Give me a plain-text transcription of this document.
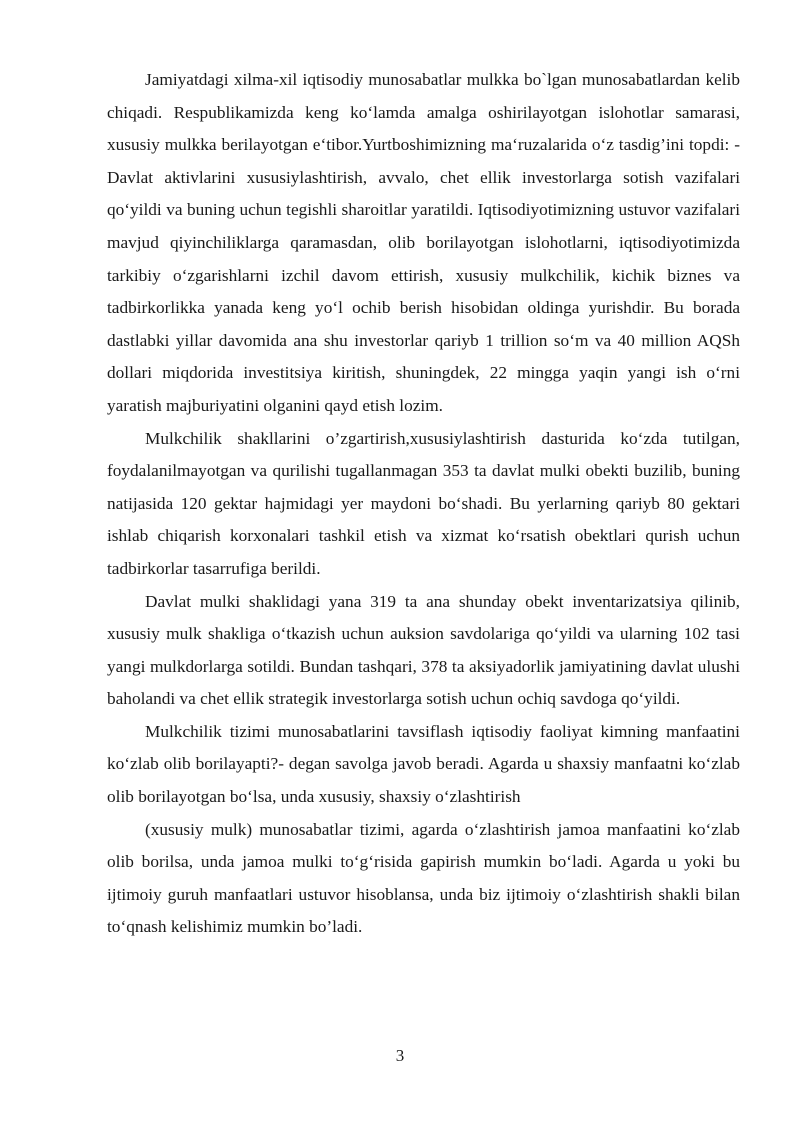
Jamiyatdagi xilma-xil iqtisodiy munosabatlar mulkka bo`lgan munosabatlardan kelib chiqadi. Respublikamizda keng ko‘lamda amalga oshirilayotgan islohotlar samarasi, xususiy mulkka berilayotgan e‘tibor.Yurtboshimizning ma‘ruzalarida o‘z tasdig’ini topdi: - Davlat aktivlarini xususiylashtirish, avvalo, chet ellik investorlarga sotish vazifalari qo‘yildi va buning uchun tegishli sharoitlar yaratildi. Iqtisodiyotimizning ustuvor vazifalari mavjud qiyinchiliklarga qaramasdan, olib borilayotgan islohotlarni, iqtisodiyotimizda tarkibiy o‘zgarishlarni izchil davom ettirish, xususiy mulkchilik, kichik biznes va tadbirkorlikka yanada keng yo‘l ochib berish hisobidan oldinga yurishdir. Bu borada dastlabki yillar davomida ana shu investorlar qariyb 1 trillion so‘m va 40 million AQSh dollari miqdorida investitsiya kiritish, shuningdek, 22 mingga yaqin yangi ish o‘rni yaratish majburiyatini olganini qayd etish lozim.

Mulkchilik shakllarini o’zgartirish,xususiylashtirish dasturida ko‘zda tutilgan, foydalanilmayotgan va qurilishi tugallanmagan 353 ta davlat mulki obekti buzilib, buning natijasida 120 gektar hajmidagi yer maydoni bo‘shadi. Bu yerlarning qariyb 80 gektari ishlab chiqarish korxonalari tashkil etish va xizmat ko‘rsatish obektlari qurish uchun tadbirkorlar tasarrufiga berildi.

Davlat mulki shaklidagi yana 319 ta ana shunday obekt inventarizatsiya qilinib, xususiy mulk shakliga o‘tkazish uchun auksion savdolariga qo‘yildi va ularning 102 tasi yangi mulkdorlarga sotildi. Bundan tashqari, 378 ta aksiyadorlik jamiyatining davlat ulushi baholandi va chet ellik strategik investorlarga sotish uchun ochiq savdoga qo‘yildi.

Mulkchilik tizimi munosabatlarini tavsiflash iqtisodiy faoliyat kimning manfaatini ko‘zlab olib borilayapti?- degan savolga javob beradi. Agarda u shaxsiy manfaatni ko‘zlab olib borilayotgan bo‘lsa, unda xususiy, shaxsiy o‘zlashtirish

(xususiy mulk) munosabatlar tizimi, agarda o‘zlashtirish jamoa manfaatini ko‘zlab olib borilsa, unda jamoa mulki to‘g‘risida gapirish mumkin bo‘ladi. Agarda u yoki bu ijtimoiy guruh manfaatlari ustuvor hisoblansa, unda biz ijtimoiy o‘zlashtirish shakli bilan to‘qnash kelishimiz mumkin bo’ladi.

3
